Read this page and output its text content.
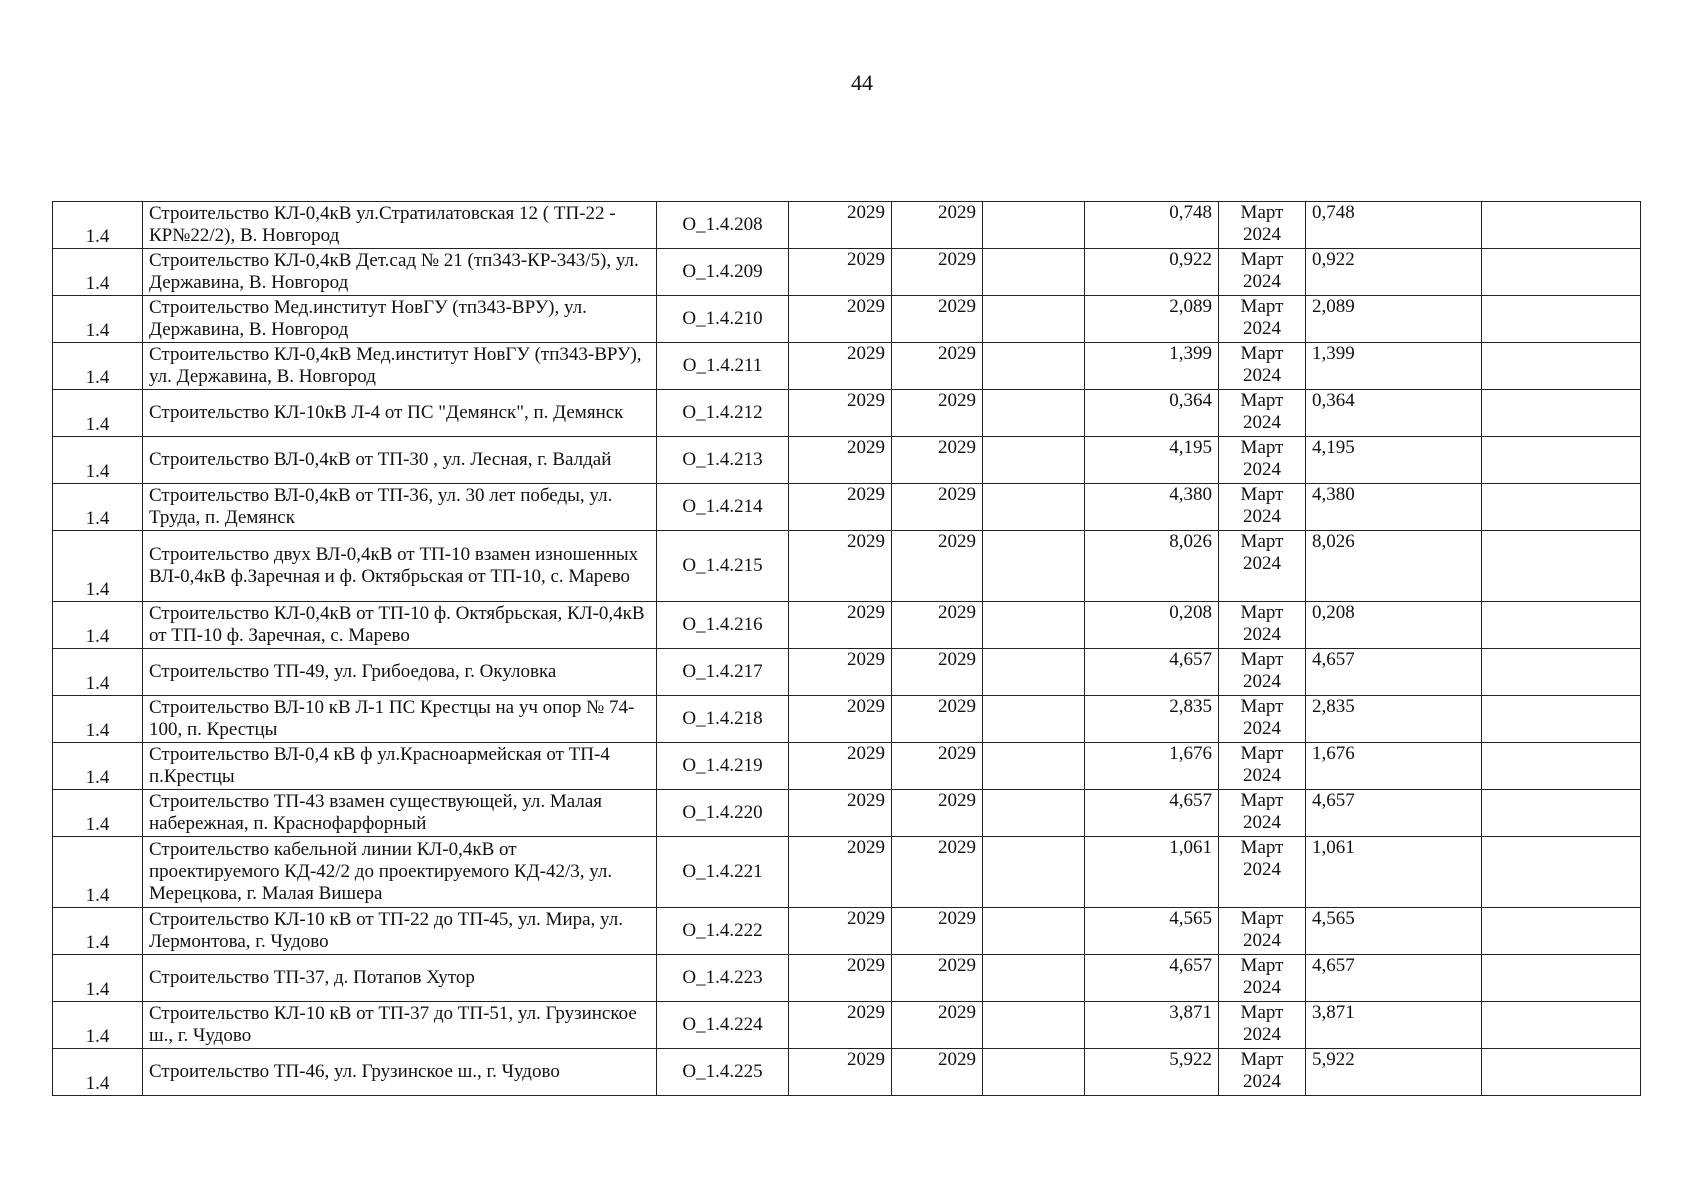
44
1.4	Строительство КЛ-0,4кВ ул.Стратилатовская 12 ( ТП-22 - КР№22/2), В. Новгород	О_1.4.208	2029	2029		0,748	Март 2024	0,748	
1.4	Строительство КЛ-0,4кВ Дет.сад № 21 (тп343-КР-343/5), ул. Державина, В. Новгород	О_1.4.209	2029	2029		0,922	Март 2024	0,922	
1.4	Строительство Мед.институт НовГУ (тп343-ВРУ), ул. Державина, В. Новгород	О_1.4.210	2029	2029		2,089	Март 2024	2,089	
1.4	Строительство КЛ-0,4кВ Мед.институт НовГУ (тп343-ВРУ), ул. Державина, В. Новгород	О_1.4.211	2029	2029		1,399	Март 2024	1,399	
1.4	Строительство КЛ-10кВ Л-4 от ПС "Демянск", п. Демянск	О_1.4.212	2029	2029		0,364	Март 2024	0,364	
1.4	Строительство ВЛ-0,4кВ от ТП-30 , ул. Лесная, г. Валдай	О_1.4.213	2029	2029		4,195	Март 2024	4,195	
1.4	Строительство ВЛ-0,4кВ от ТП-36, ул. 30 лет победы, ул. Труда, п. Демянск	О_1.4.214	2029	2029		4,380	Март 2024	4,380	
1.4	Строительство двух ВЛ-0,4кВ от ТП-10 взамен изношенных ВЛ-0,4кВ ф.Заречная и ф. Октябрьская от ТП-10, с. Марево	О_1.4.215	2029	2029		8,026	Март 2024	8,026	
1.4	Строительство КЛ-0,4кВ от ТП-10 ф. Октябрьская, КЛ-0,4кВ от ТП-10 ф. Заречная, с. Марево	О_1.4.216	2029	2029		0,208	Март 2024	0,208	
1.4	Строительство ТП-49, ул. Грибоедова, г. Окуловка	О_1.4.217	2029	2029		4,657	Март 2024	4,657	
1.4	Строительство ВЛ-10 кВ Л-1 ПС Крестцы на уч опор № 74-100, п. Крестцы	О_1.4.218	2029	2029		2,835	Март 2024	2,835	
1.4	Строительство ВЛ-0,4 кВ ф ул.Красноармейская от ТП-4 п.Крестцы	О_1.4.219	2029	2029		1,676	Март 2024	1,676	
1.4	Строительство ТП-43 взамен существующей, ул. Малая набережная, п. Краснофарфорный	О_1.4.220	2029	2029		4,657	Март 2024	4,657	
1.4	Строительство кабельной линии КЛ-0,4кВ от проектируемого КД-42/2 до проектируемого КД-42/3, ул. Мерецкова, г. Малая Вишера	О_1.4.221	2029	2029		1,061	Март 2024	1,061	
1.4	Строительство КЛ-10 кВ от ТП-22 до ТП-45, ул. Мира, ул. Лермонтова, г. Чудово	О_1.4.222	2029	2029		4,565	Март 2024	4,565	
1.4	Строительство ТП-37, д. Потапов Хутор	О_1.4.223	2029	2029		4,657	Март 2024	4,657	
1.4	Строительство КЛ-10 кВ от ТП-37 до ТП-51, ул. Грузинское ш., г. Чудово	О_1.4.224	2029	2029		3,871	Март 2024	3,871	
1.4	Строительство ТП-46, ул. Грузинское ш., г. Чудово	О_1.4.225	2029	2029		5,922	Март 2024	5,922	
